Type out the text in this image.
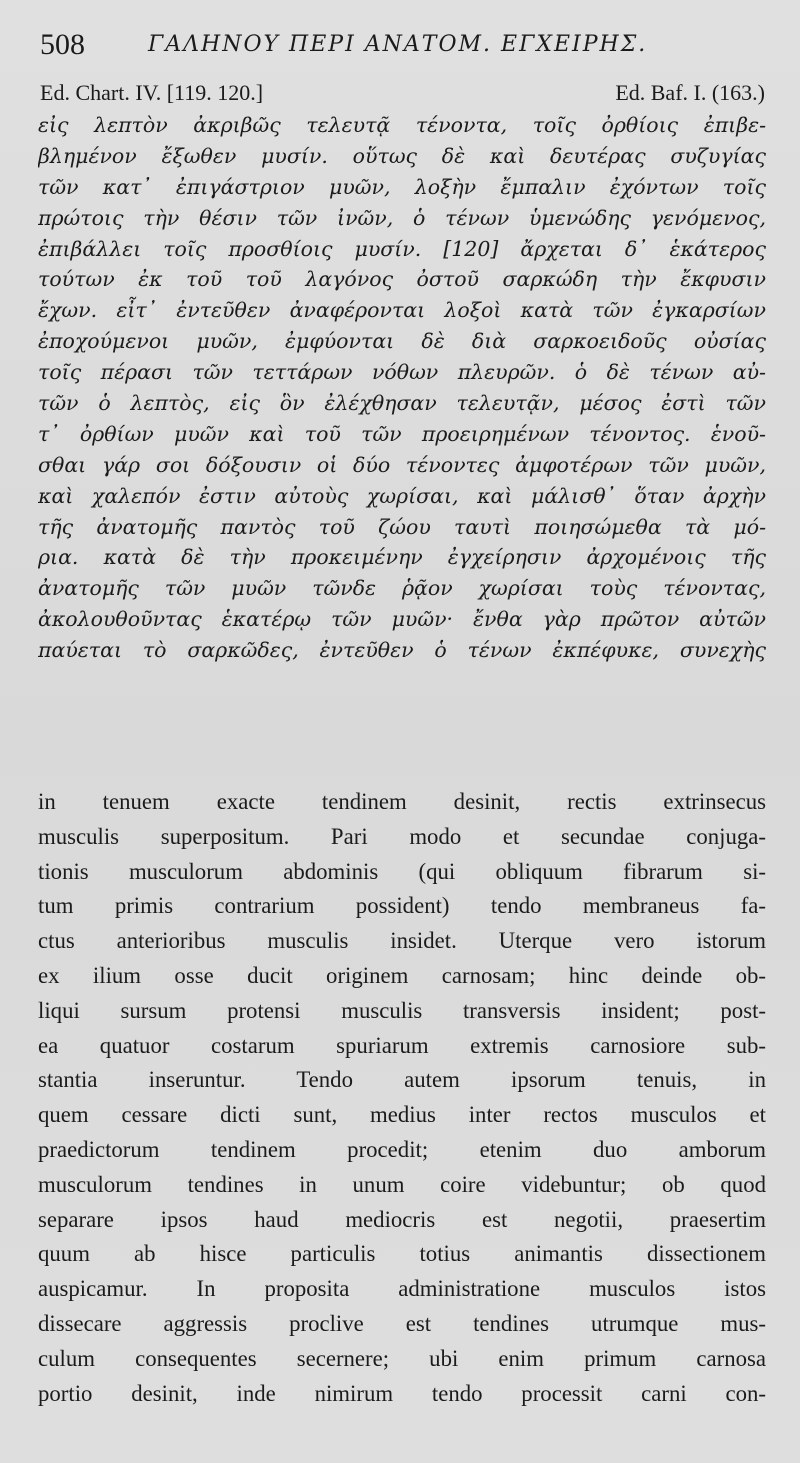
508	ΓΑΛΗΝΟΥ ΠΕΡΙ ΑΝΑΤΟΜ. ΕΓΧΕΙΡΗΣ.
Ed. Chart. IV. [119. 120.]	Ed. Baf. I. (163.)
εἰς λεπτὸν ἀκριβῶς τελευτᾷ τένοντα, τοῖς ὀρθίοις ἐπιβε-
βλημένον ἔξωθεν μυσίν. οὕτως δὲ καὶ δευτέρας συζυγίας
τῶν κατ᾽ ἐπιγάστριον μυῶν, λοξὴν ἔμπαλιν ἐχόντων τοῖς
πρώτοις τὴν θέσιν τῶν ἰνῶν, ὁ τένων ὑμενώδης γενόμενος,
ἐπιβάλλει τοῖς προσθίοις μυσίν. [120] ἄρχεται δ᾽ ἑκάτερος
τούτων ἐκ τοῦ τοῦ λαγόνος ὀστοῦ σαρκώδη τὴν ἔκφυσιν
ἔχων. εἶτ᾽ ἐντεῦθεν ἀναφέρονται λοξοὶ κατὰ τῶν ἐγκαρσίων
ἐποχούμενοι μυῶν, ἐμφύονται δὲ διὰ σαρκοειδοῦς οὐσίας
τοῖς πέρασι τῶν τεττάρων νόθων πλευρῶν. ὁ δὲ τένων αὐ-
τῶν ὁ λεπτὸς, εἰς ὃν ἐλέχθησαν τελευτᾷν, μέσος ἐστὶ τῶν
τ᾽ ὀρθίων μυῶν καὶ τοῦ τῶν προειρημένων τένοντος. ἑνοῦ-
σθαι γάρ σοι δόξουσιν οἱ δύο τένοντες ἀμφοτέρων τῶν μυῶν,
καὶ χαλεπόν ἐστιν αὐτοὺς χωρίσαι, καὶ μάλισθ᾽ ὅταν ἀρχὴν
τῆς ἀνατομῆς παντὸς τοῦ ζώου ταυτὶ ποιησώμεθα τὰ μό-
ρια. κατὰ δὲ τὴν προκειμένην ἐγχείρησιν ἀρχομένοις τῆς
ἀνατομῆς τῶν μυῶν τῶνδε ῥᾷον χωρίσαι τοὺς τένοντας,
ἀκολουθοῦντας ἑκατέρῳ τῶν μυῶν· ἔνθα γὰρ πρῶτον αὐτῶν
παύεται τὸ σαρκῶδες, ἐντεῦθεν ὁ τένων ἐκπέφυκε, συνεχὴς
in tenuem exacte tendinem desinit, rectis extrinsecus
musculis superpositum. Pari modo et secundae conjuga-
tionis musculorum abdominis (qui obliquum fibrarum si-
tum primis contrarium possident) tendo membraneus fa-
ctus anterioribus musculis insidet. Uterque vero istorum
ex ilium osse ducit originem carnosam; hinc deinde ob-
liqui sursum protensi musculis transversis insident; post-
ea quatuor costarum spuriarum extremis carnosiore sub-
stantia inseruntur. Tendo autem ipsorum tenuis, in
quem cessare dicti sunt, medius inter rectos musculos et
praedictorum tendinem procedit; etenim duo amborum
musculorum tendines in unum coire videbuntur; ob quod
separare ipsos haud mediocris est negotii, praesertim
quum ab hisce particulis totius animantis dissectionem
auspicamur. In proposita administratione musculos istos
dissecare aggressis proclive est tendines utrumque mus-
culum consequentes secernere; ubi enim primum carnosa
portio desinit, inde nimirum tendo processit carni con-
